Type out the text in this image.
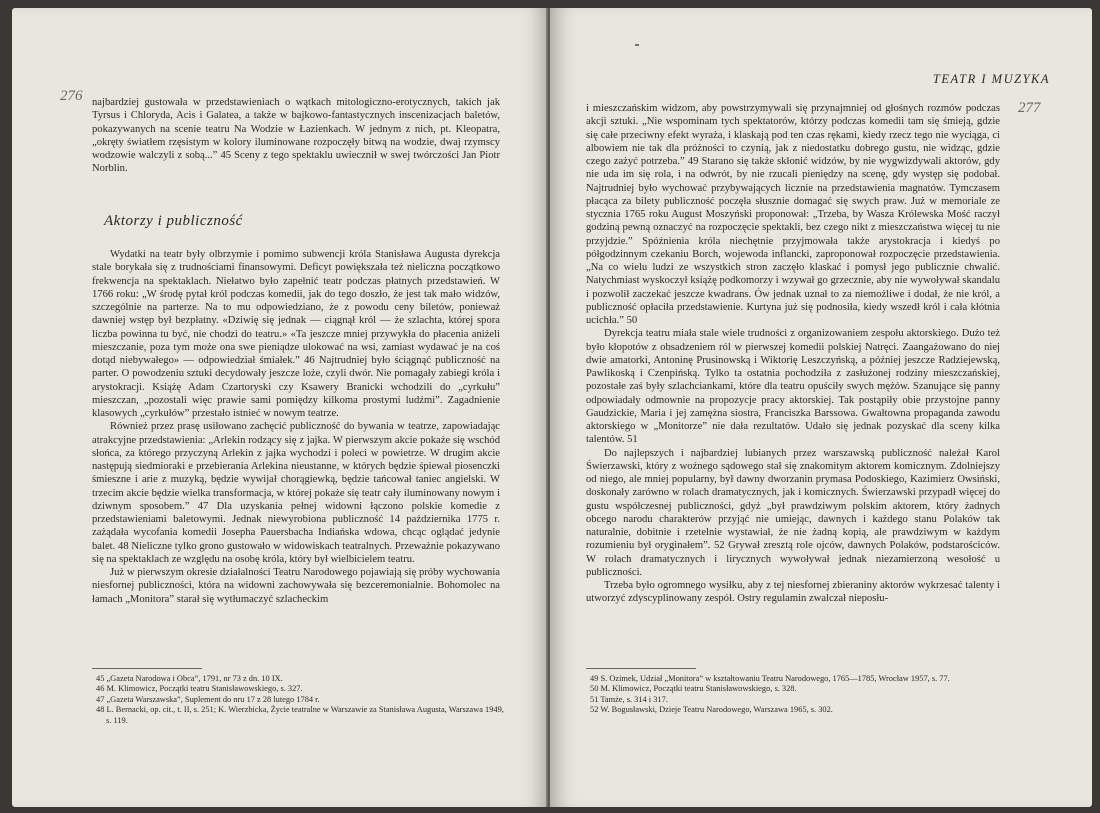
276 najbardziej gustowała w przedstawieniach o wątkach mitologiczno-erotycznych, takich jak Tyrsus i Chloryda, Acis i Galatea, a także w bajkowo-fantastycznych inscenizacjach baletów, pokazywanych na scenie teatru Na Wodzie w Łazienkach. W jednym z nich, pt. Kleopatra, „okręty światłem rzęsistym w kolory iluminowane rozpoczęły bitwą na wodzie, dwaj rzymscy wodzowie walczyli z sobą...” 45 Sceny z tego spektaklu uwiecznił w swej twórczości Jan Piotr Norblin.

Aktorzy i publiczność

Wydatki na teatr były olbrzymie i pomimo subwencji króla Stanisława Augusta dyrekcja stale borykała się z trudnościami finansowymi. Deficyt powiększała też nieliczna początkowo frekwencja na spektaklach. Niełatwo było zapełnić teatr podczas płatnych przedstawień. W 1766 roku: „W środę pytał król podczas komedii, jak do tego doszło, że jest tak mało widzów, szczególnie na parterze. Na to mu odpowiedziano, że z powodu ceny biletów, ponieważ dawniej wstęp był bezpłatny. «Dziwię się jednak — ciągnął król — że szlachta, której spora liczba powinna tu być, nie chodzi do teatru.» «Ta jeszcze mniej przywykła do płacenia aniżeli mieszczanie, poza tym może ona swe pieniądze ulokować na wsi, zamiast wydawać je na coś dotąd niebywałego» — odpowiedział śmiałek.” 46 Najtrudniej było ściągnąć publiczność na parter. O powodzeniu sztuki decydowały jeszcze loże, czyli dwór. Nie pomagały zabiegi króla i arystokracji. Książę Adam Czartoryski czy Ksawery Branicki wchodzili do „cyrkułu” mieszczan, „pozostali więc prawie sami pomiędzy kilkoma prostymi ludźmi”. Zagadnienie klasowych „cyrkułów” przestało istnieć w nowym teatrze.

Również przez prasę usiłowano zachęcić publiczność do bywania w teatrze, zapowiadając atrakcyjne przedstawienia: „Arlekin rodzący się z jajka. W pierwszym akcie pokaże się wschód słońca, za którego przyczyną Arlekin z jajka wychodzi i poleci w powietrze. W drugim akcie następują siedmioraki e przebierania Arlekina nieustanne, w których będzie śpiewał piosenczki śmieszne i arie z muzyką, będzie wywijał chorągiewką, będzie tańcował taniec angielski. W trzecim akcie będzie wielka transformacja, w której pokaże się teatr cały iluminowany nowym i dziwnym sposobem.” 47 Dla uzyskania pełnej widowni łączono polskie komedie z przedstawieniami baletowymi. Jednak niewyrobiona publiczność 14 października 1775 r. zażądała wycofania komedii Josepha Pauersbacha Indiańska wdowa, chcąc oglądać jedynie balet. 48 Nieliczne tylko grono gustowało w widowiskach teatralnych. Przeważnie pokazywano się na spektaklach ze względu na osobę króla, który był wielbicielem teatru.

Już w pierwszym okresie działalności Teatru Narodowego pojawiają się próby wychowania niesfornej publiczności, która na widowni zachowywała się bezceremonialnie. Bohomolec na łamach „Monitora” starał się wytłumaczyć szlacheckim

45 „Gazeta Narodowa i Obca”, 1791, nr 73 z dn. 10 IX.

46 M. Klimowicz, Początki teatru Stanisławowskiego, s. 327.

47 „Gazeta Warszawska”, Suplement do nru 17 z 28 lutego 1784 r.

48 L. Bernacki, op. cit., t. II, s. 251; K. Wierzbicka, Życie teatralne w Warszawie za Stanisława Augusta, Warszawa 1949, s. 119.

TEATR I MUZYKA
277

i mieszczańskim widzom, aby powstrzymywali się przynajmniej od głośnych rozmów podczas akcji sztuki. „Nie wspominam tych spektatorów, którzy podczas komedii tam się śmieją, gdzie się całe przeciwny efekt wyraża, i klaskają pod ten czas rękami, kiedy rzecz tego nie wyciąga, ci albowiem nie tak dla próżności to czynią, jak z niedostatku dobrego gustu, nie widząc, gdzie czego zażyć potrzeba.” 49 Starano się także skłonić widzów, by nie wygwizdywali aktorów, gdy nie uda im się rola, i na odwrót, by nie rzucali pieniędzy na scenę, gdy występ się podobał. Najtrudniej było wychować przybywających licznie na przedstawienia magnatów. Tymczasem płacąca za bilety publiczność poczęła słusznie domagać się swych praw. Już w memoriale ze stycznia 1765 roku August Moszyński proponował: „Trzeba, by Wasza Królewska Mość raczył godziną pewną oznaczyć na rozpoczęcie spektakli, bez czego nikt z mieszczaństwa więcej tu nie przyjdzie.” Spóźnienia króla niechętnie przyjmowała także arystokracja i kiedyś po półgodzinnym czekaniu Borch, wojewoda inflancki, zaproponował rozpoczęcie przedstawienia. „Na co wielu ludzi ze wszystkich stron zaczęło klaskać i pomysł jego publicznie chwalić. Natychmiast wyskoczył książę podkomorzy i wzywał go grzecznie, aby nie wywoływał skandalu i pozwolił zaczekać jeszcze kwadrans. Ów jednak uznał to za niemożliwe i dodał, że nie król, a publiczność opłaciła przedstawienie. Kurtyna już się podnosiła, kiedy wszedł król i cała kłótnia ucichła.” 50

Dyrekcja teatru miała stale wiele trudności z organizowaniem zespołu aktorskiego. Dużo też było kłopotów z obsadzeniem ról w pierwszej komedii polskiej Natręci. Zaangażowano do niej dwie amatorki, Antoninę Prusinowską i Wiktorię Leszczyńską, a później jeszcze Radziejewską, Pawlikoską i Czenpińską. Tylko ta ostatnia pochodziła z zasłużonej rodziny mieszczańskiej, pozostałe zaś były szlachciankami, które dla teatru opuściły swych mężów. Szanujące się panny odpowiadały odmownie na propozycje pracy aktorskiej. Tak postąpiły obie przystojne panny Gaudzickie, Maria i jej zamężna siostra, Franciszka Barssowa. Gwałtowna propaganda zawodu aktorskiego w „Monitorze” nie dała rezultatów. Udało się jednak pozyskać dla sceny kilka talentów. 51

Do najlepszych i najbardziej lubianych przez warszawską publiczność należał Karol Świerzawski, który z woźnego sądowego stał się znakomitym aktorem komicznym. Zdolniejszy od niego, ale mniej popularny, był dawny dworzanin prymasa Podoskiego, Kazimierz Owsiński, doskonały zarówno w rolach dramatycznych, jak i komicznych. Świerzawski przypadł więcej do gustu współczesnej publiczności, gdyż „był prawdziwym polskim aktorem, który żadnych obcego narodu charakterów przyjąć nie umiejąc, dawnych i każdego stanu Polaków tak naturalnie, dobitnie i rzetelnie wystawiał, że nie żadną kopią, ale prawdziwym w każdym rozumieniu był oryginałem”. 52 Grywał zresztą role ojców, dawnych Polaków, podstarościców. W rolach dramatycznych i lirycznych wywoływał jednak niezamierzoną wesołość u publiczności.

Trzeba było ogromnego wysiłku, aby z tej niesfornej zbieraniny aktorów wykrzesać talenty i utworzyć zdyscyplinowany zespół. Ostry regulamin zwalczał nieposłu-

49 S. Ozimek, Udział „Monitora” w kształtowaniu Teatru Narodowego, 1765—1785, Wrocław 1957, s. 77.

50 M. Klimowicz, Początki teatru Stanisławowskiego, s. 328.

51 Tamże, s. 314 i 317.

52 W. Bogusławski, Dzieje Teatru Narodowego, Warszawa 1965, s. 302.
